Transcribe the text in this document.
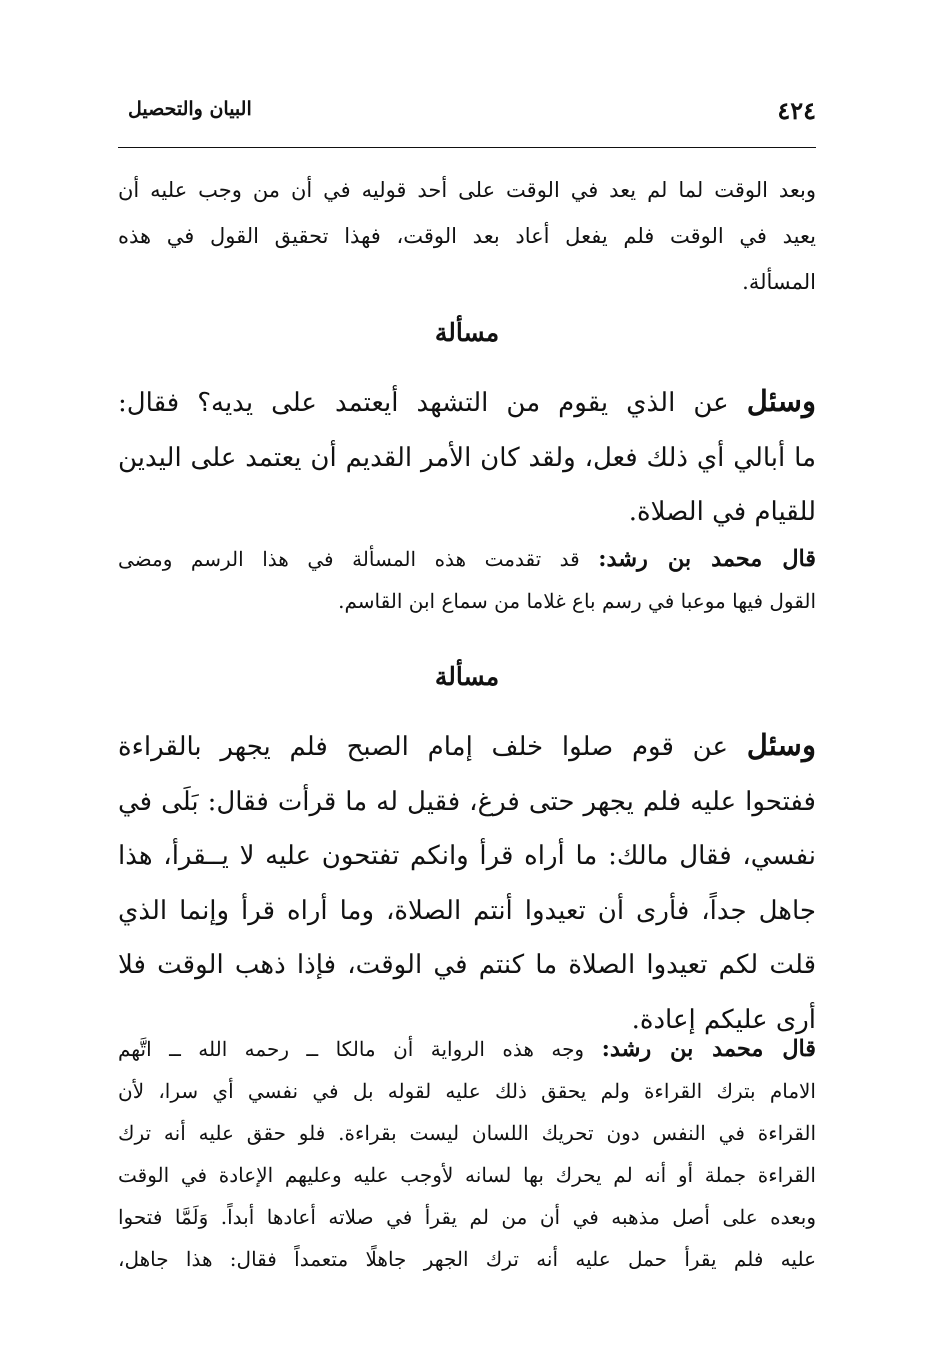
٤٢٤
البيان والتحصيل
وبعد الوقت لما لم يعد في الوقت على أحد قوليه في أن من وجب عليه أن
يعيد في الوقت فلم يفعل أعاد بعد الوقت، فهذا تحقيق القول في هذه
المسألة.
مسألة
وسئل عن الذي يقوم من التشهد أيعتمد على يديه؟ فقال:
ما أبالي أي ذلك فعل، ولقد كان الأمر القديم أن يعتمد على اليدين
للقيام في الصلاة.
قال محمد بن رشد: قد تقدمت هذه المسألة في هذا الرسم ومضى
القول فيها موعبا في رسم باع غلاما من سماع ابن القاسم.
مسألة
وسئل عن قوم صلوا خلف إمام الصبح فلم يجهر بالقراءة
ففتحوا عليه فلم يجهر حتى فرغ، فقيل له ما قرأت فقال: بَلَى في
نفسي، فقال مالك: ما أراه قرأ وانكم تفتحون عليه لا يــقرأ، هذا
جاهل جداً، فأرى أن تعيدوا أنتم الصلاة، وما أراه قرأ وإنما الذي
قلت لكم تعيدوا الصلاة ما كنتم في الوقت، فإذا ذهب الوقت فلا
أرى عليكم إعادة.
قال محمد بن رشد: وجه هذه الرواية أن مالكا ــ رحمه الله ــ اتَّهم
الامام بترك القراءة ولم يحقق ذلك عليه لقوله بل في نفسي أي سرا، لأن
القراءة في النفس دون تحريك اللسان ليست بقراءة. فلو حقق عليه أنه ترك
القراءة جملة أو أنه لم يحرك بها لسانه لأوجب عليه وعليهم الإعادة في الوقت
وبعده على أصل مذهبه في أن من لم يقرأ في صلاته أعادها أبداً. وَلَمَّا فتحوا
عليه فلم يقرأ حمل عليه أنه ترك الجهر جاهلًا متعمداً فقال: هذا جاهل،
